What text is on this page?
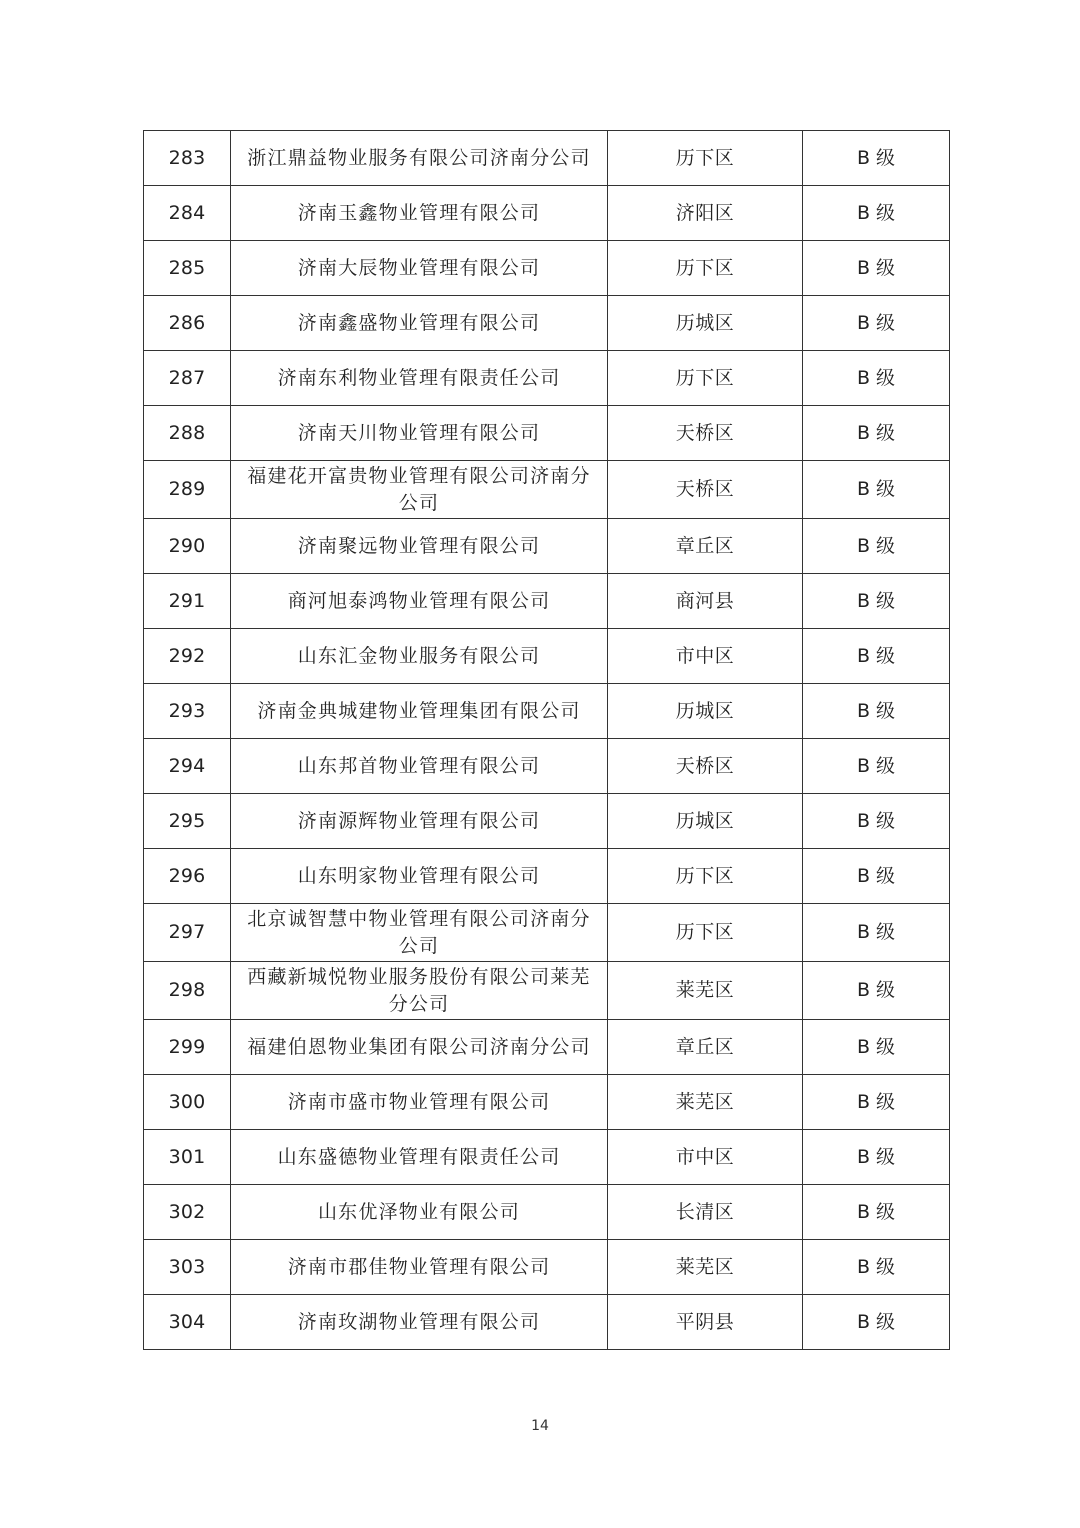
283	浙江鼎益物业服务有限公司济南分公司	历下区	B 级
284	济南玉鑫物业管理有限公司	济阳区	B 级
285	济南大辰物业管理有限公司	历下区	B 级
286	济南鑫盛物业管理有限公司	历城区	B 级
287	济南东利物业管理有限责任公司	历下区	B 级
288	济南天川物业管理有限公司	天桥区	B 级
289	福建花开富贵物业管理有限公司济南分公司	天桥区	B 级
290	济南聚远物业管理有限公司	章丘区	B 级
291	商河旭泰鸿物业管理有限公司	商河县	B 级
292	山东汇金物业服务有限公司	市中区	B 级
293	济南金典城建物业管理集团有限公司	历城区	B 级
294	山东邦首物业管理有限公司	天桥区	B 级
295	济南源辉物业管理有限公司	历城区	B 级
296	山东明家物业管理有限公司	历下区	B 级
297	北京诚智慧中物业管理有限公司济南分公司	历下区	B 级
298	西藏新城悦物业服务股份有限公司莱芜分公司	莱芜区	B 级
299	福建伯恩物业集团有限公司济南分公司	章丘区	B 级
300	济南市盛市物业管理有限公司	莱芜区	B 级
301	山东盛德物业管理有限责任公司	市中区	B 级
302	山东优泽物业有限公司	长清区	B 级
303	济南市郡佳物业管理有限公司	莱芜区	B 级
304	济南玫湖物业管理有限公司	平阴县	B 级
14
